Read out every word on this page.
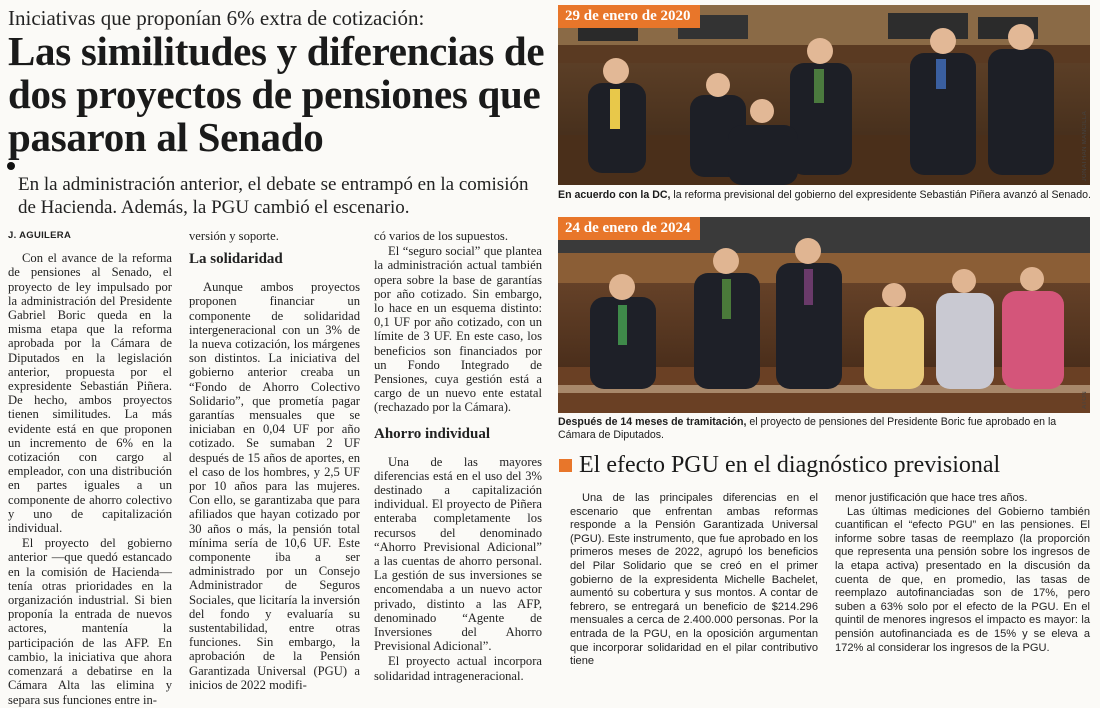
Iniciativas que proponían 6% extra de cotización:
Las similitudes y diferencias de dos proyectos de pensiones que pasaron al Senado
En la administración anterior, el debate se entrampó en la comisión de Hacienda. Además, la PGU cambió el escenario.
J. AGUILERA

Con el avance de la reforma de pensiones al Senado, el proyecto de ley impulsado por la administración del Presidente Gabriel Boric queda en la misma etapa que la reforma aprobada por la Cámara de Diputados en la legislación anterior, propuesta por el expresidente Sebastián Piñera. De hecho, ambos proyectos tienen similitudes. La más evidente está en que proponen un incremento de 6% en la cotización con cargo al empleador, con una distribución en partes iguales a un componente de ahorro colectivo y uno de capitalización individual.

El proyecto del gobierno anterior —que quedó estancado en la comisión de Hacienda— tenía otras prioridades en la organización industrial. Si bien proponía la entrada de nuevos actores, mantenía la participación de las AFP. En cambio, la iniciativa que ahora comenzará a debatirse en la Cámara Alta las elimina y separa sus funciones entre in-

versión y soporte.

La solidaridad

Aunque ambos proyectos proponen financiar un componente de solidaridad intergeneracional con un 3% de la nueva cotización, los márgenes son distintos. La iniciativa del gobierno anterior creaba un “Fondo de Ahorro Colectivo Solidario”, que prometía pagar garantías mensuales que se iniciaban en 0,04 UF por año cotizado. Se sumaban 2 UF después de 15 años de aportes, en el caso de los hombres, y 2,5 UF por 10 años para las mujeres. Con ello, se garantizaba que para afiliados que hayan cotizado por 30 años o más, la pensión total mínima sería de 10,6 UF. Este componente iba a ser administrado por un Consejo Administrador de Seguros Sociales, que licitaría la inversión del fondo y evaluaría su sustentabilidad, entre otras funciones. Sin embargo, la aprobación de la Pensión Garantizada Universal (PGU) a inicios de 2022 modifi-

có varios de los supuestos.

El “seguro social” que plantea la administración actual también opera sobre la base de garantías por año cotizado. Sin embargo, lo hace en un esquema distinto: 0,1 UF por año cotizado, con un límite de 3 UF. En este caso, los beneficios son financiados por un Fondo Integrado de Pensiones, cuya gestión está a cargo de un nuevo ente estatal (rechazado por la Cámara).

Ahorro individual

Una de las mayores diferencias está en el uso del 3% destinado a capitalización individual. El proyecto de Piñera enteraba completamente los recursos del denominado “Ahorro Previsional Adicional” a las cuentas de ahorro personal. La gestión de sus inversiones se encomendaba a un nuevo actor privado, distinto a las AFP, denominado “Agente de Inversiones del Ahorro Previsional Adicional”.

El proyecto actual incorpora solidaridad intrageneracional.

29 de enero de 2020
JONATHAN MANCILLA
En acuerdo con la DC, la reforma previsional del gobierno del expresidente Sebastián Piñera avanzó al Senado.
24 de enero de 2024
ATON
Después de 14 meses de tramitación, el proyecto de pensiones del Presidente Boric fue aprobado en la Cámara de Diputados.
El efecto PGU en el diagnóstico previsional

Una de las principales diferencias en el escenario que enfrentan ambas reformas responde a la Pensión Garantizada Universal (PGU). Este instrumento, que fue aprobado en los primeros meses de 2022, agrupó los beneficios del Pilar Solidario que se creó en el primer gobierno de la expresidenta Michelle Bachelet, aumentó su cobertura y sus montos. A contar de febrero, se entregará un beneficio de $214.296 mensuales a cerca de 2.400.000 personas. Por la entrada de la PGU, en la oposición argumentan que incorporar solidaridad en el pilar contributivo tiene

menor justificación que hace tres años.

Las últimas mediciones del Gobierno también cuantifican el “efecto PGU” en las pensiones. El informe sobre tasas de reemplazo (la proporción que representa una pensión sobre los ingresos de la etapa activa) presentado en la discusión da cuenta de que, en promedio, las tasas de reemplazo autofinanciadas son de 17%, pero suben a 63% solo por el efecto de la PGU. En el quintil de menores ingresos el impacto es mayor: la pensión autofinanciada es de 15% y se eleva a 172% al considerar los ingresos de la PGU.
